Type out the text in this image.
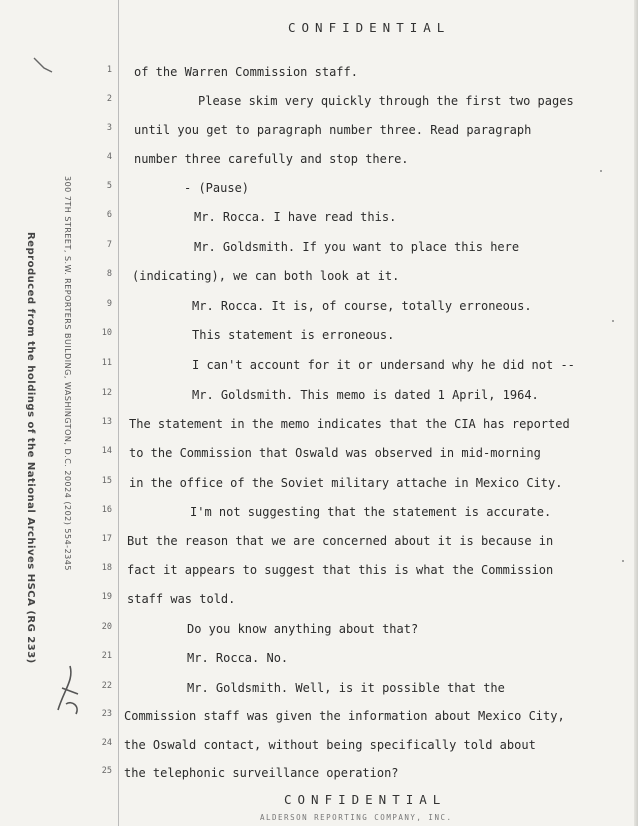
CONFIDENTIAL
Reproduced from the holdings of the National Archives HSCA (RG 233)	300 7TH STREET, S.W. REPORTERS BUILDING, WASHINGTON, D.C. 20024 (202) 554-2345
1 of the Warren Commission staff.
2	Please skim very quickly through the first two pages
3 until you get to paragraph number three. Read paragraph
4 number three carefully and stop there.
5	- (Pause)
6	Mr. Rocca. I have read this.
7	Mr. Goldsmith. If you want to place this here
8 (indicating), we can both look at it.
9	Mr. Rocca. It is, of course, totally erroneous.
10	This statement is erroneous.
11	I can't account for it or undersand why he did not --
12	Mr. Goldsmith. This memo is dated 1 April, 1964.
13 The statement in the memo indicates that the CIA has reported
14 to the Commission that Oswald was observed in mid-morning
15 in the office of the Soviet military attache in Mexico City.
16	I'm not suggesting that the statement is accurate.
17 But the reason that we are concerned about it is because in
18 fact it appears to suggest that this is what the Commission
19 staff was told.
20	Do you know anything about that?
21	Mr. Rocca. No.
22	Mr. Goldsmith. Well, is it possible that the
23 Commission staff was given the information about Mexico City,
24 the Oswald contact, without being specifically told about
25 the telephonic surveillance operation?
CONFIDENTIAL
ALDERSON REPORTING COMPANY, INC.
